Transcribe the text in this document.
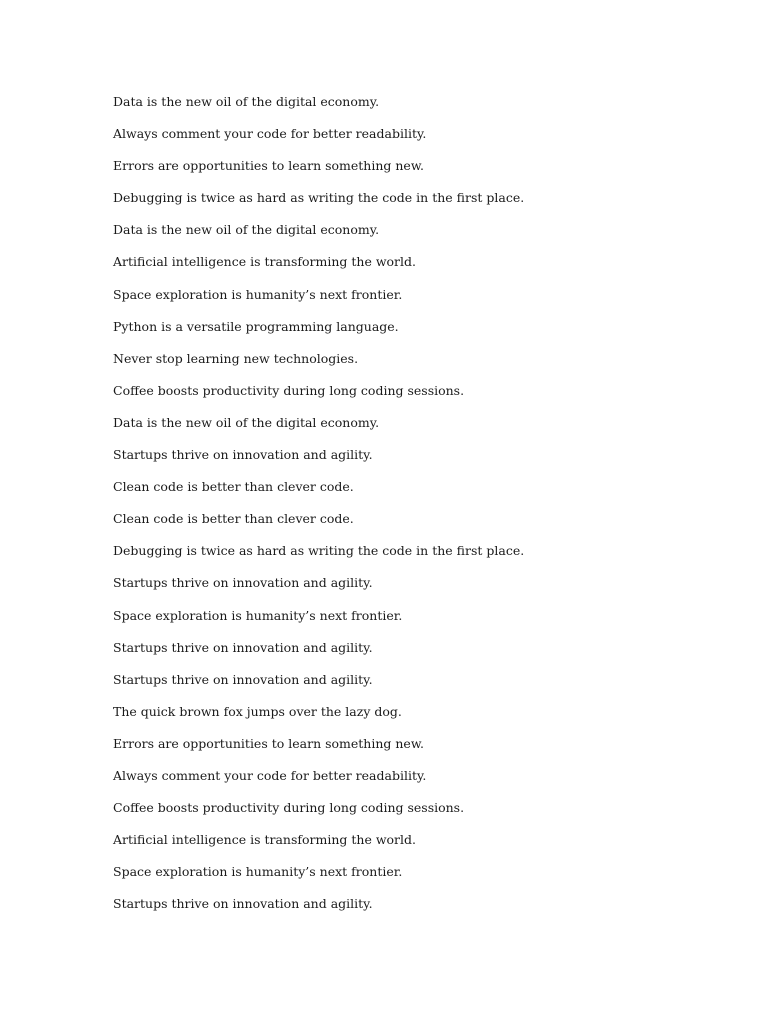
Data is the new oil of the digital economy.
Always comment your code for better readability.
Errors are opportunities to learn something new.
Debugging is twice as hard as writing the code in the first place.
Data is the new oil of the digital economy.
Artificial intelligence is transforming the world.
Space exploration is humanity’s next frontier.
Python is a versatile programming language.
Never stop learning new technologies.
Coffee boosts productivity during long coding sessions.
Data is the new oil of the digital economy.
Startups thrive on innovation and agility.
Clean code is better than clever code.
Clean code is better than clever code.
Debugging is twice as hard as writing the code in the first place.
Startups thrive on innovation and agility.
Space exploration is humanity’s next frontier.
Startups thrive on innovation and agility.
Startups thrive on innovation and agility.
The quick brown fox jumps over the lazy dog.
Errors are opportunities to learn something new.
Always comment your code for better readability.
Coffee boosts productivity during long coding sessions.
Artificial intelligence is transforming the world.
Space exploration is humanity’s next frontier.
Startups thrive on innovation and agility.
